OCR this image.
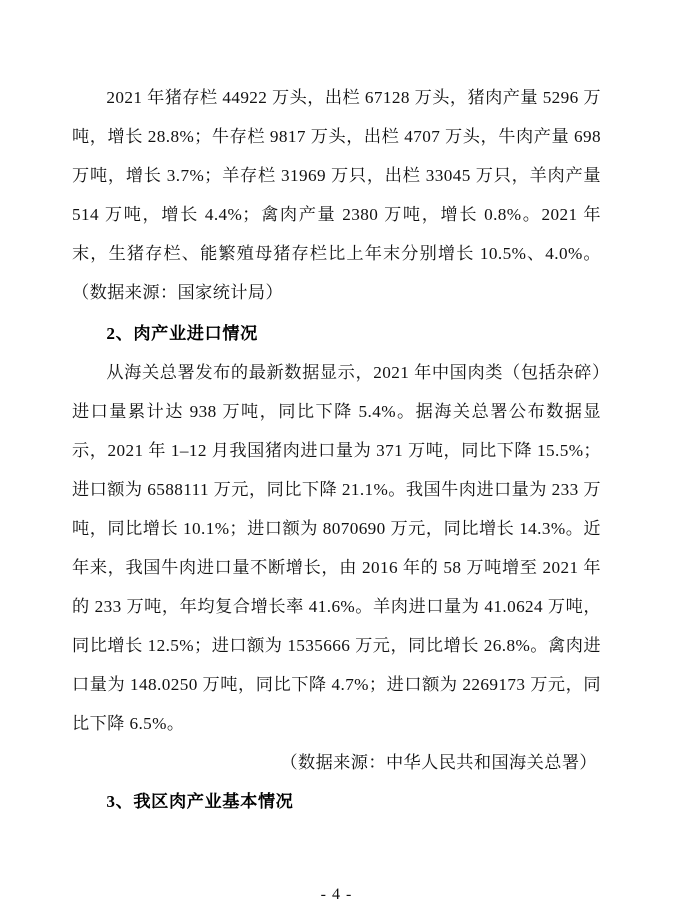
2021 年猪存栏 44922 万头，出栏 67128 万头，猪肉产量 5296 万吨，增长 28.8%；牛存栏 9817 万头，出栏 4707 万头，牛肉产量 698 万吨，增长 3.7%；羊存栏 31969 万只，出栏 33045 万只，羊肉产量 514 万吨，增长 4.4%；禽肉产量 2380 万吨，增长 0.8%。2021 年末，生猪存栏、能繁殖母猪存栏比上年末分别增长 10.5%、4.0%。（数据来源：国家统计局）

2、肉产业进口情况

从海关总署发布的最新数据显示，2021 年中国肉类（包括杂碎）进口量累计达 938 万吨，同比下降 5.4%。据海关总署公布数据显示，2021 年 1–12 月我国猪肉进口量为 371 万吨，同比下降 15.5%；进口额为 6588111 万元，同比下降 21.1%。我国牛肉进口量为 233 万吨，同比增长 10.1%；进口额为 8070690 万元，同比增长 14.3%。近年来，我国牛肉进口量不断增长，由 2016 年的 58 万吨增至 2021 年的 233 万吨，年均复合增长率 41.6%。羊肉进口量为 41.0624 万吨，同比增长 12.5%；进口额为 1535666 万元，同比增长 26.8%。禽肉进口量为 148.0250 万吨，同比下降 4.7%；进口额为 2269173 万元，同比下降 6.5%。

（数据来源：中华人民共和国海关总署）

3、我区肉产业基本情况
- 4 -
